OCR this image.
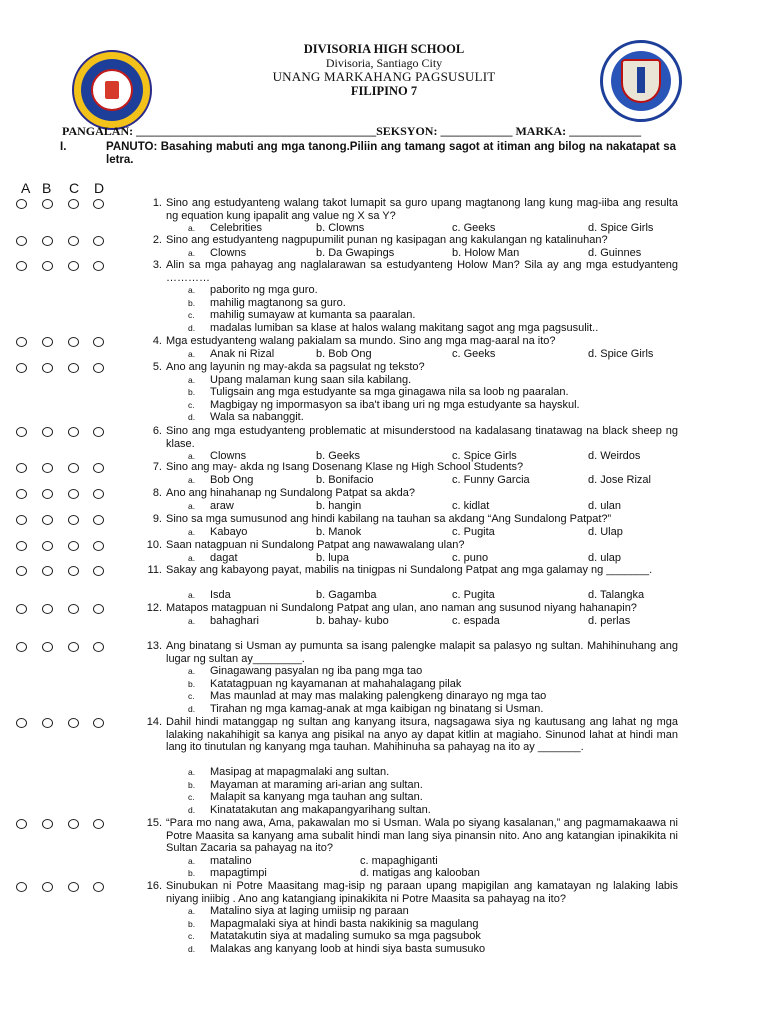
DIVISORIA HIGH SCHOOL
Divisoria, Santiago City
UNANG MARKAHANG PAGSUSULIT
FILIPINO 7
PANGALAN: ________________________________________SEKSYON: ____________ MARKA: ____________
I.	PANUTO: Basahing mabuti ang mga tanong.Piliin ang tamang sagot at itiman ang bilog na nakatapat sa letra.
A B C D
1. Sino ang estudyanteng walang takot lumapit sa guro upang magtanong lang kung mag-iiba ang resulta ng equation kung ipapalit ang value ng X sa Y?
a. Celebrities	b. Clowns	c. Geeks	d. Spice Girls
2. Sino ang estudyanteng nagpupumilit punan ng kasipagan ang kakulangan ng katalinuhan?
a. Clowns	b. Da Gwapings	b. Holow Man	d. Guinnes
3. Alin sa mga pahayag ang naglalarawan sa estudyanteng Holow Man? Sila ay ang mga estudyanteng …………
a. paborito ng mga guro.
b. mahilig magtanong sa guro.
c. mahilig sumayaw at kumanta sa paaralan.
d. madalas lumiban sa klase at halos walang makitang sagot ang mga pagsusulit..
4. Mga estudyanteng walang pakialam sa mundo. Sino ang mga mag-aaral na ito?
a. Anak ni Rizal	b. Bob Ong	c. Geeks	d. Spice Girls
5. Ano ang layunin ng may-akda sa pagsulat ng teksto?
a. Upang malaman kung saan sila kabilang.
b. Tuligsain ang mga estudyante sa mga ginagawa nila sa loob ng paaralan.
c. Magbigay ng impormasyon sa iba't ibang uri ng mga estudyante sa hayskul.
d. Wala sa nabanggit.
6. Sino ang mga estudyanteng problematic at misunderstood na kadalasang tinatawag na black sheep ng klase.
a. Clowns	b. Geeks	c. Spice Girls	d. Weirdos
7. Sino ang may- akda ng Isang Dosenang Klase ng High School Students?
a. Bob Ong	b. Bonifacio	c. Funny Garcia	d. Jose Rizal
8. Ano ang hinahanap ng Sundalong Patpat sa akda?
a. araw	b. hangin	c. kidlat	d. ulan
9. Sino sa mga sumusunod ang hindi kabilang na tauhan sa akdang “Ang Sundalong Patpat?”
a. Kabayo	b. Manok	c. Pugita	d. Ulap
10. Saan natagpuan ni Sundalong Patpat ang nawawalang ulan?
a. dagat	b. lupa	c. puno	d. ulap
11. Sakay ang kabayong payat, mabilis na tinigpas ni Sundalong Patpat ang mga galamay ng _______.
a. Isda	b. Gagamba	c. Pugita	d. Talangka
12. Matapos matagpuan ni Sundalong Patpat ang ulan, ano naman ang susunod niyang hahanapin?
a. bahaghari	b. bahay- kubo	c. espada	d. perlas
13. Ang binatang si Usman ay pumunta sa isang palengke malapit sa palasyo ng sultan. Mahihinuhang ang lugar ng sultan ay________.
a. Ginagawang pasyalan ng iba pang mga tao
b. Katatagpuan ng kayamanan at mahahalagang pilak
c. Mas maunlad at may mas malaking palengkeng dinarayo ng mga tao
d. Tirahan ng mga kamag-anak at mga kaibigan ng binatang si Usman.
14. Dahil hindi matanggap ng sultan ang kanyang itsura, nagsagawa siya ng kautusang ang lahat ng mga lalaking nakahihigit sa kanya ang pisikal na anyo ay dapat kitlin at magiaho. Sinunod lahat at hindi man lang ito tinutulan ng kanyang mga tauhan. Mahihinuha sa pahayag na ito ay _______.
a. Masipag at mapagmalaki ang sultan.
b. Mayaman at maraming ari-arian ang sultan.
c. Malapit sa kanyang mga tauhan ang sultan.
d. Kinatatakutan ang makapangyarihang sultan.
15. “Para mo nang awa, Ama, pakawalan mo si Usman. Wala po siyang kasalanan,” ang pagmamakaawa ni Potre Maasita sa kanyang ama subalit hindi man lang siya pinansin nito. Ano ang katangian ipinakikita ni Sultan Zacaria sa pahayag na ito?
a. matalino	c. mapaghiganti
b. mapagtimpi	d. matigas ang kalooban
16. Sinubukan ni Potre Maasitang mag-isip ng paraan upang mapigilan ang kamatayan ng lalaking labis niyang iniibig . Ano ang katangiang ipinakikita ni Potre Maasita sa pahayag na ito?
a. Matalino siya at laging umiisip ng paraan
b. Mapagmalaki siya at hindi basta nakikinig sa magulang
c. Matatakutin siya at madaling sumuko sa mga pagsubok
d. Malakas ang kanyang loob at hindi siya basta sumusuko
